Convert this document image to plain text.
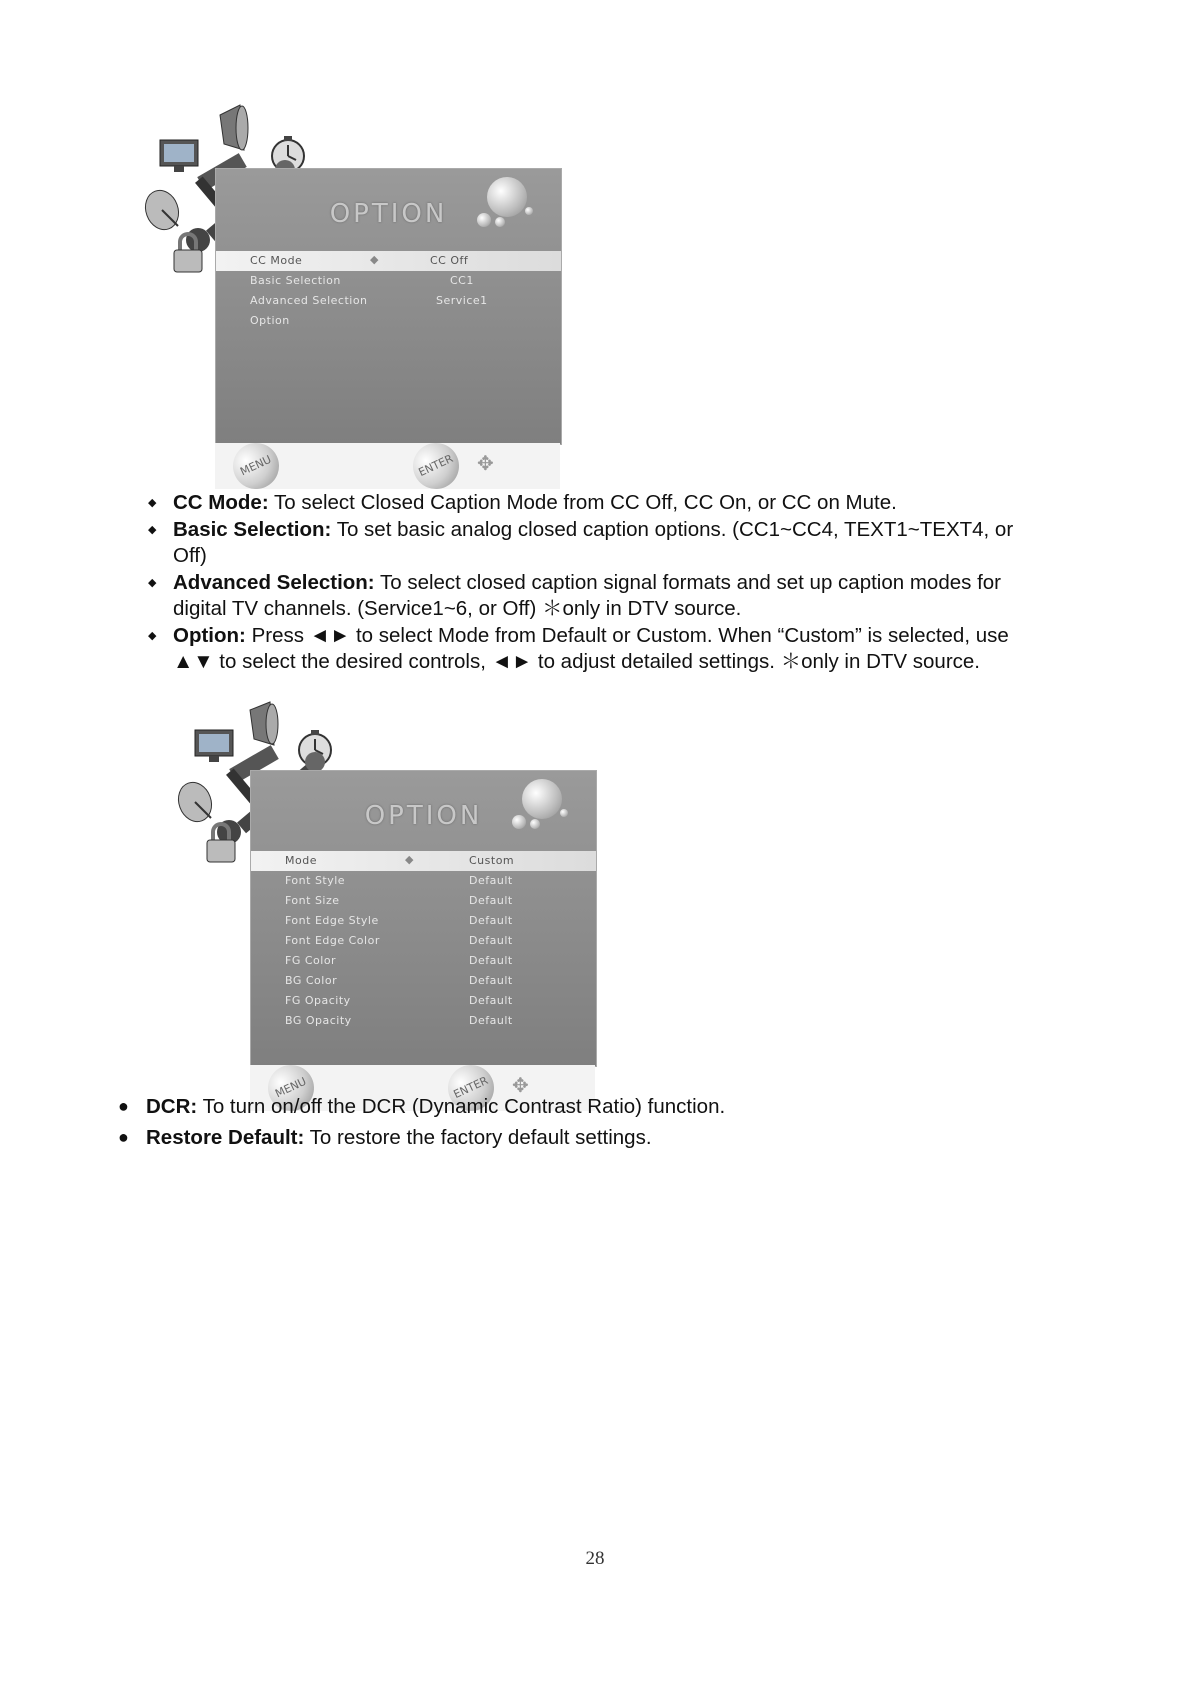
OPTION
CC Mode	◆	CC Off
Basic Selection	CC1
Advanced Selection	Service1
Option
MENU	ENTER	✥
◆ CC Mode: To select Closed Caption Mode from CC Off, CC On, or CC on Mute.
◆ Basic Selection: To set basic analog closed caption options. (CC1~CC4, TEXT1~TEXT4, or Off)
◆ Advanced Selection: To select closed caption signal formats and set up caption modes for digital TV channels. (Service1~6, or Off) ＊only in DTV source.
◆ Option: Press ◄► to select Mode from Default or Custom. When “Custom” is selected, use ▲▼ to select the desired controls, ◄► to adjust detailed settings. ＊only in DTV source.
OPTION
Mode	◆	Custom
Font Style	Default
Font Size	Default
Font Edge Style	Default
Font Edge Color	Default
FG Color	Default
BG Color	Default
FG Opacity	Default
BG Opacity	Default
MENU	ENTER	✥
● DCR: To turn on/off the DCR (Dynamic Contrast Ratio) function.
● Restore Default: To restore the factory default settings.
28
